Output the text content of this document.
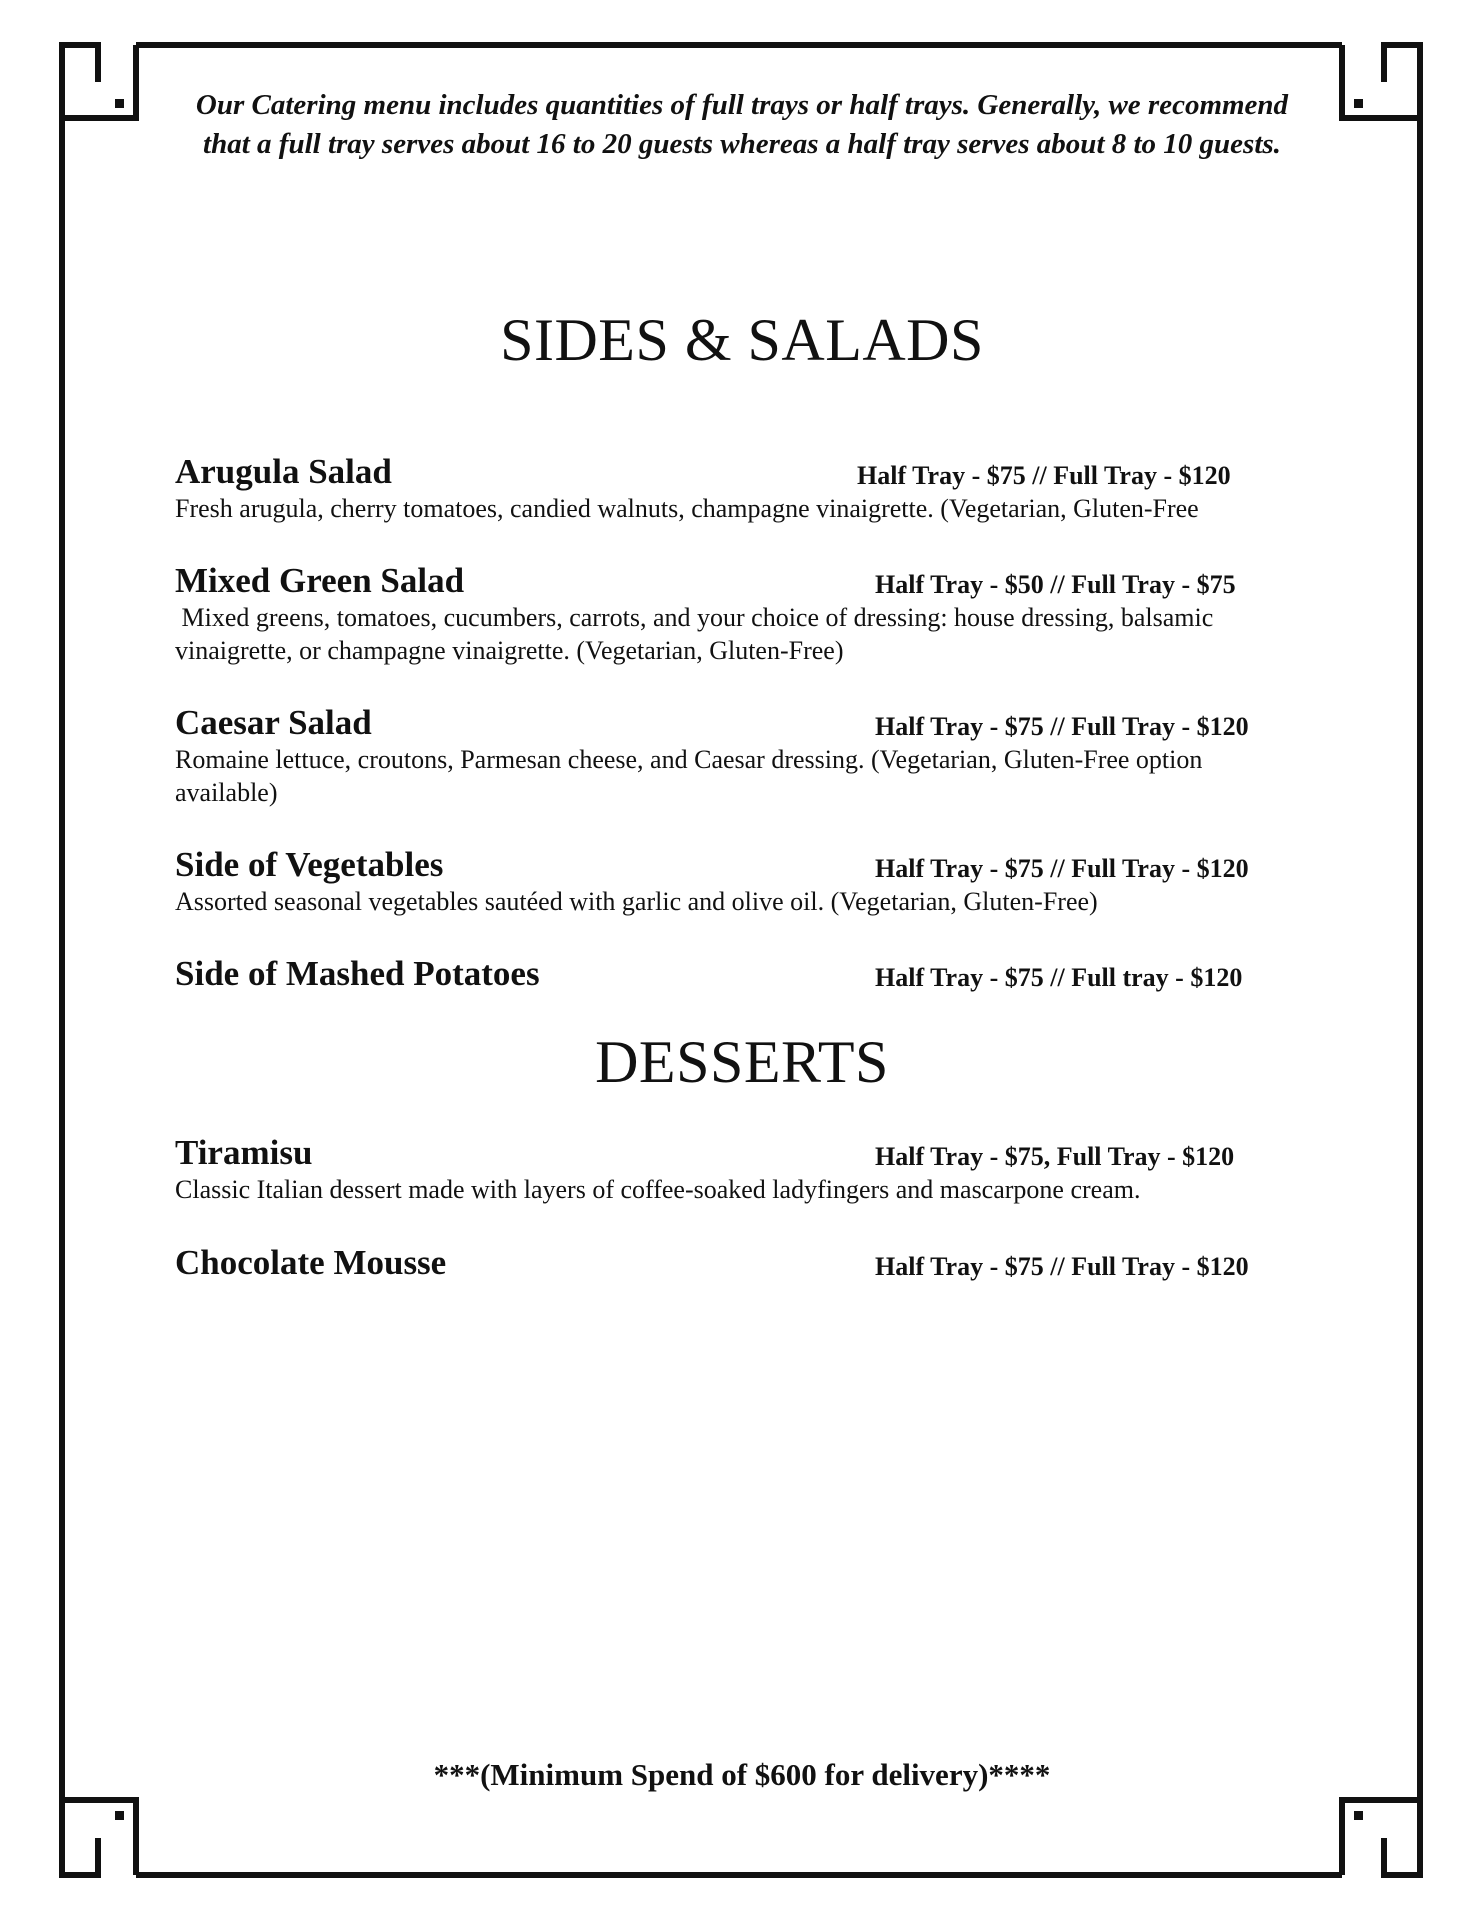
Our Catering menu includes quantities of full trays or half trays. Generally, we recommend that a full tray serves about 16 to 20 guests whereas a half tray serves about 8 to 10 guests.
SIDES & SALADS
Arugula Salad	Half Tray - $75 // Full Tray - $120
Fresh arugula, cherry tomatoes, candied walnuts, champagne vinaigrette. (Vegetarian, Gluten-Free
Mixed Green Salad	Half Tray - $50 // Full Tray - $75
Mixed greens, tomatoes, cucumbers, carrots, and your choice of dressing: house dressing, balsamic vinaigrette, or champagne vinaigrette. (Vegetarian, Gluten-Free)
Caesar Salad	Half Tray - $75 // Full Tray - $120
Romaine lettuce, croutons, Parmesan cheese, and Caesar dressing. (Vegetarian, Gluten-Free option available)
Side of Vegetables	Half Tray - $75 // Full Tray - $120
Assorted seasonal vegetables sautéed with garlic and olive oil. (Vegetarian, Gluten-Free)
Side of Mashed Potatoes	Half Tray - $75 // Full tray - $120
DESSERTS
Tiramisu	Half Tray - $75, Full Tray - $120
Classic Italian dessert made with layers of coffee-soaked ladyfingers and mascarpone cream.
Chocolate Mousse	Half Tray - $75 // Full Tray - $120
***(Minimum Spend of $600 for delivery)****
